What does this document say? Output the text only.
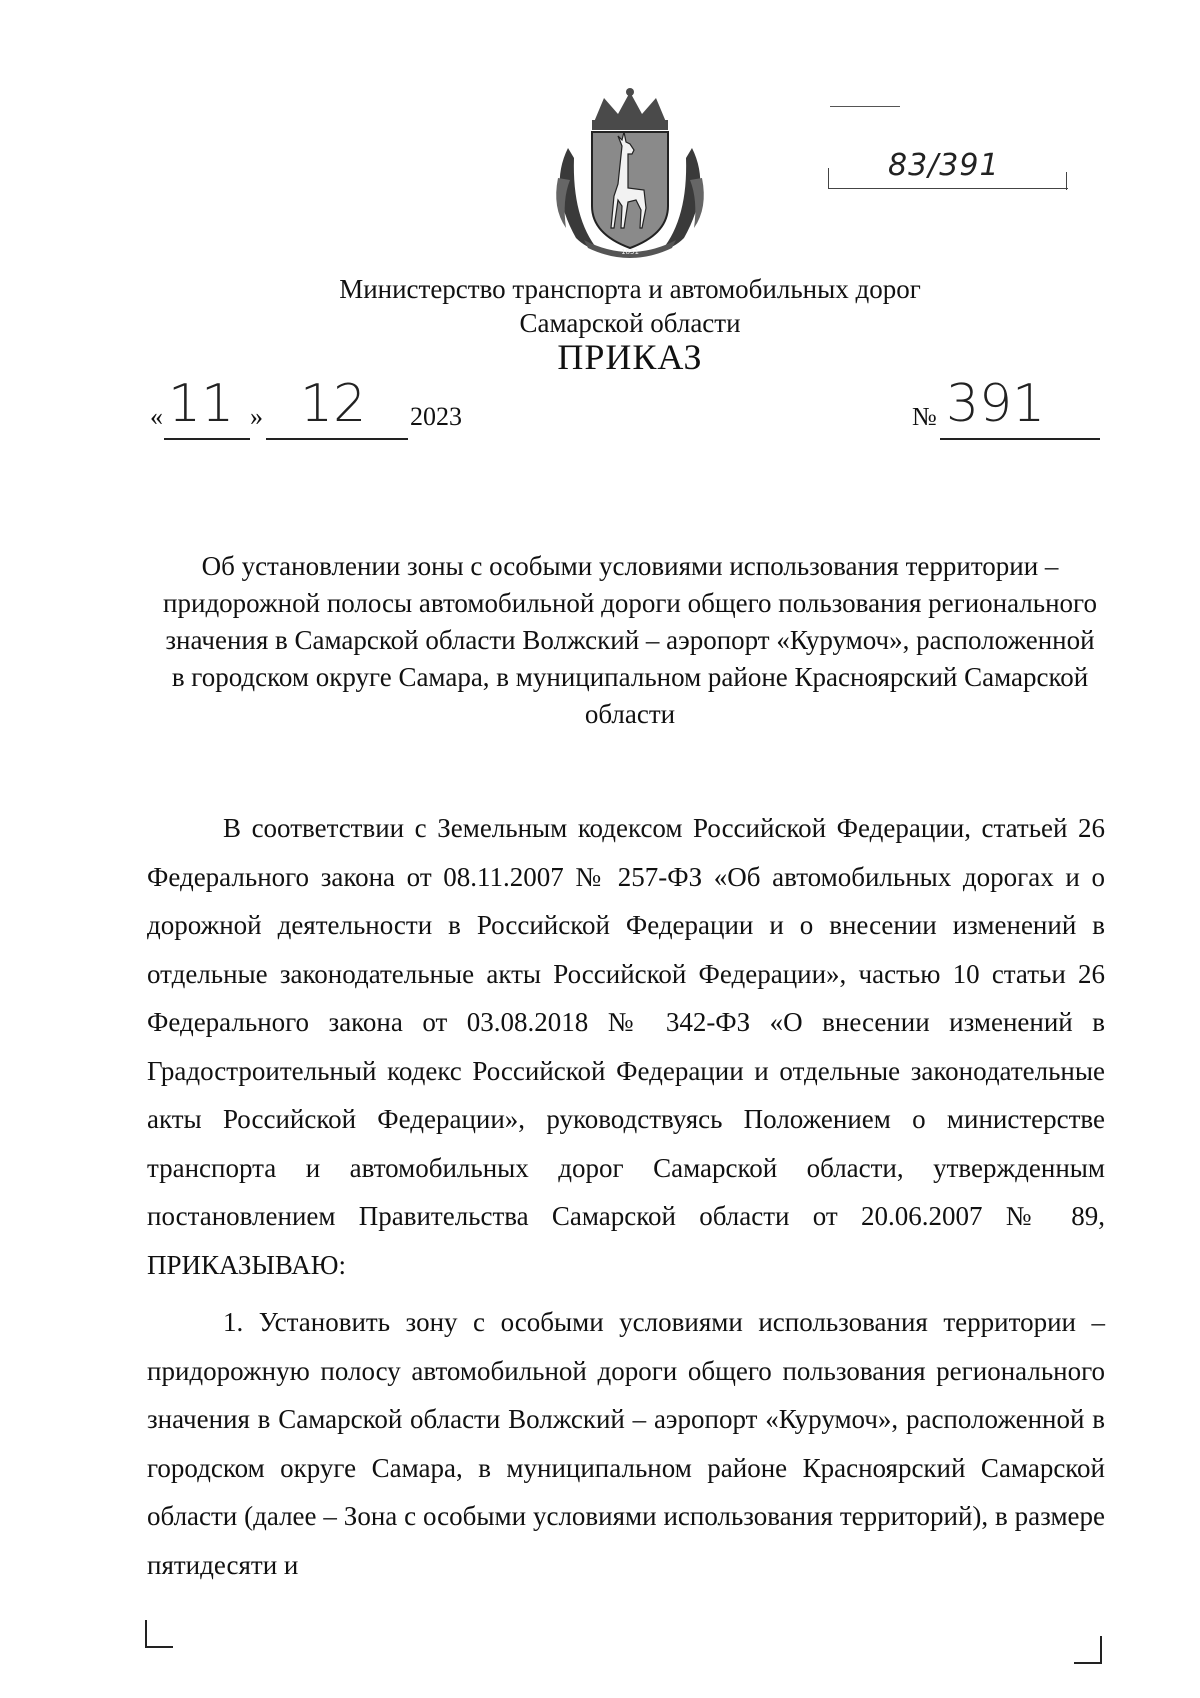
1851
83/391
Министерство транспорта и автомобильных дорог
Самарской области
ПРИКАЗ
« 11 » 12 2023	№ 391
Об установлении зоны с особыми условиями использования территории – придорожной полосы автомобильной дороги общего пользования регионального значения в Самарской области Волжский – аэропорт «Курумоч», расположенной в городском округе Самара, в муниципальном районе Красноярский Самарской области
В соответствии с Земельным кодексом Российской Федерации, статьей 26 Федерального закона от 08.11.2007 № 257-ФЗ «Об автомобильных дорогах и о дорожной деятельности в Российской Федерации и о внесении изменений в отдельные законодательные акты Российской Федерации», частью 10 статьи 26 Федерального закона от 03.08.2018 № 342-ФЗ «О внесении изменений в Градостроительный кодекс Российской Федерации и отдельные законодательные акты Российской Федерации», руководствуясь Положением о министерстве транспорта и автомобильных дорог Самарской области, утвержденным постановлением Правительства Самарской области от 20.06.2007 № 89, ПРИКАЗЫВАЮ:
1. Установить зону с особыми условиями использования территории – придорожную полосу автомобильной дороги общего пользования регионального значения в Самарской области Волжский – аэропорт «Курумоч», расположенной в городском округе Самара, в муниципальном районе Красноярский Самарской области (далее – Зона с особыми условиями использования территорий), в размере пятидесяти и
